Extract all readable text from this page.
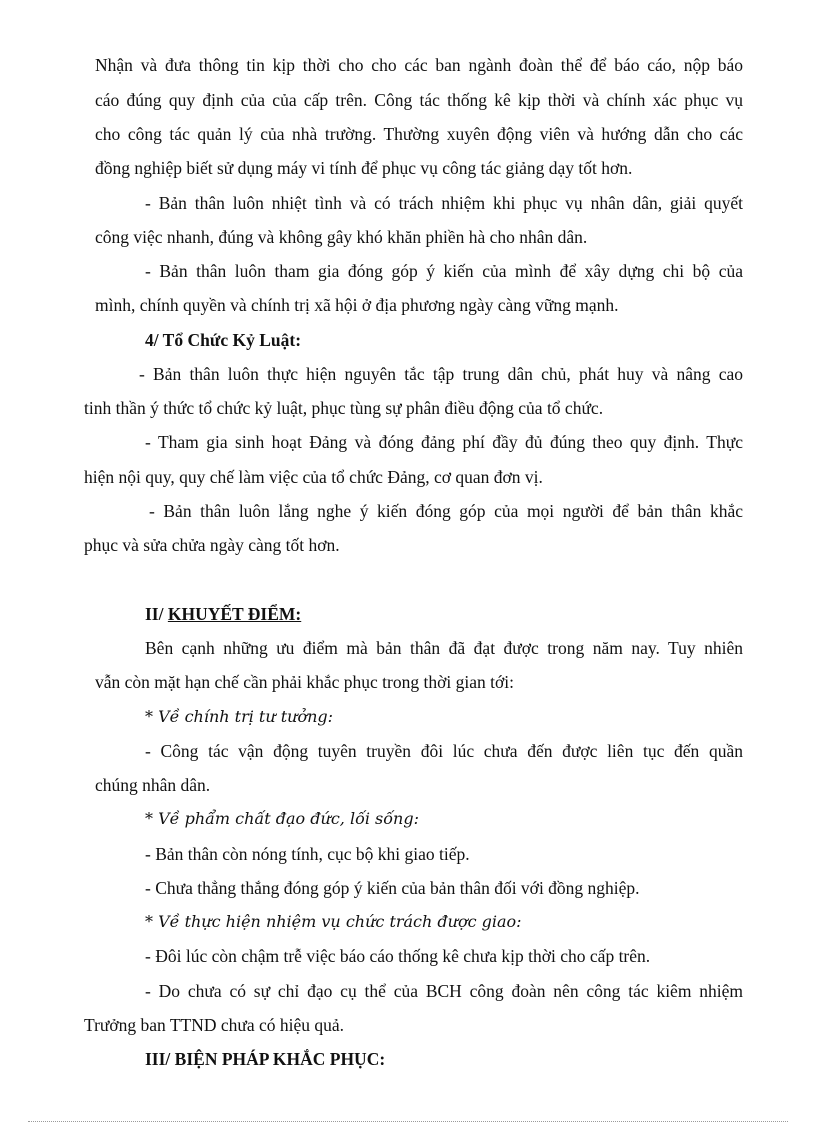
Nhận và đưa thông tin kịp thời cho cho các ban ngành đoàn thể để báo cáo, nộp báo

cáo đúng quy định của của cấp trên. Công tác thống kê kịp thời và chính xác phục vụ

cho công tác quản lý của nhà trường. Thường xuyên động viên và hướng dẫn cho các

đồng nghiệp biết sử dụng máy vi tính để phục vụ công tác giảng dạy tốt hơn.

- Bản thân luôn nhiệt tình và có trách nhiệm khi phục vụ nhân dân, giải quyết

công việc nhanh, đúng và không gây khó khăn phiền hà cho nhân dân.

- Bản thân luôn tham gia đóng góp ý kiến của mình để xây dựng chi bộ của

mình, chính quyền và chính trị xã hội ở địa phương ngày càng vững mạnh.

4/ Tổ Chức Kỷ Luật:

- Bản thân luôn thực hiện nguyên tắc tập trung dân chủ, phát huy và nâng cao

tinh thần ý thức tổ chức kỷ luật, phục tùng sự phân điều động của tổ chức.

- Tham gia sinh hoạt Đảng và đóng đảng phí đầy đủ đúng theo quy định. Thực

hiện nội quy, quy chế làm việc của tổ chức Đảng, cơ quan đơn vị.

- Bản thân luôn lắng nghe ý kiến đóng góp của mọi người để bản thân khắc

phục và sửa chửa ngày càng tốt hơn.

II/ KHUYẾT ĐIỂM:

Bên cạnh những ưu điểm mà bản thân đã đạt được trong năm nay. Tuy nhiên

vẫn còn mặt hạn chế cần phải khắc phục trong thời gian tới:

* Về chính trị tư tưởng:

- Công tác vận động tuyên truyền đôi lúc chưa đến được liên tục đến quần

chúng nhân dân.

* Về phẩm chất đạo đức, lối sống:

- Bản thân còn nóng tính, cục bộ khi giao tiếp.

- Chưa thẳng thắng đóng góp ý kiến của bản thân đối với đồng nghiệp.

* Về thực hiện nhiệm vụ chức trách được giao:

- Đôi lúc còn chậm trễ việc báo cáo thống kê chưa kịp thời cho cấp trên.

- Do chưa có sự chỉ đạo cụ thể của BCH công đoàn nên công tác kiêm nhiệm

Trưởng ban TTND chưa có hiệu quả.

III/ BIỆN PHÁP KHẮC PHỤC:
